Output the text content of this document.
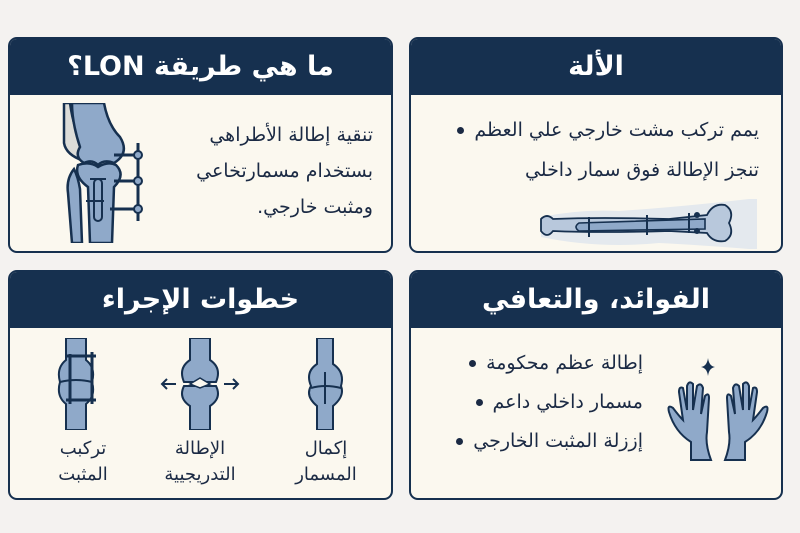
ما هي طريقة LON؟
تنقية إطالة الأطراهي
بستخدام مسمارتخاعي
ومثبت خارجي.
الألة
يمم تركب مشت خارجي علي العظم
تنجز الإطالة فوق سمار داخلي
خطوات الإجراء
تركبب
المثبت
الإطالة
التدريجيية
إكمال
المسمار
الفوائد، والتعافي
إطالة عظم محكومة
مسمار داخلي داعم
إززلة المثبت الخارجي
